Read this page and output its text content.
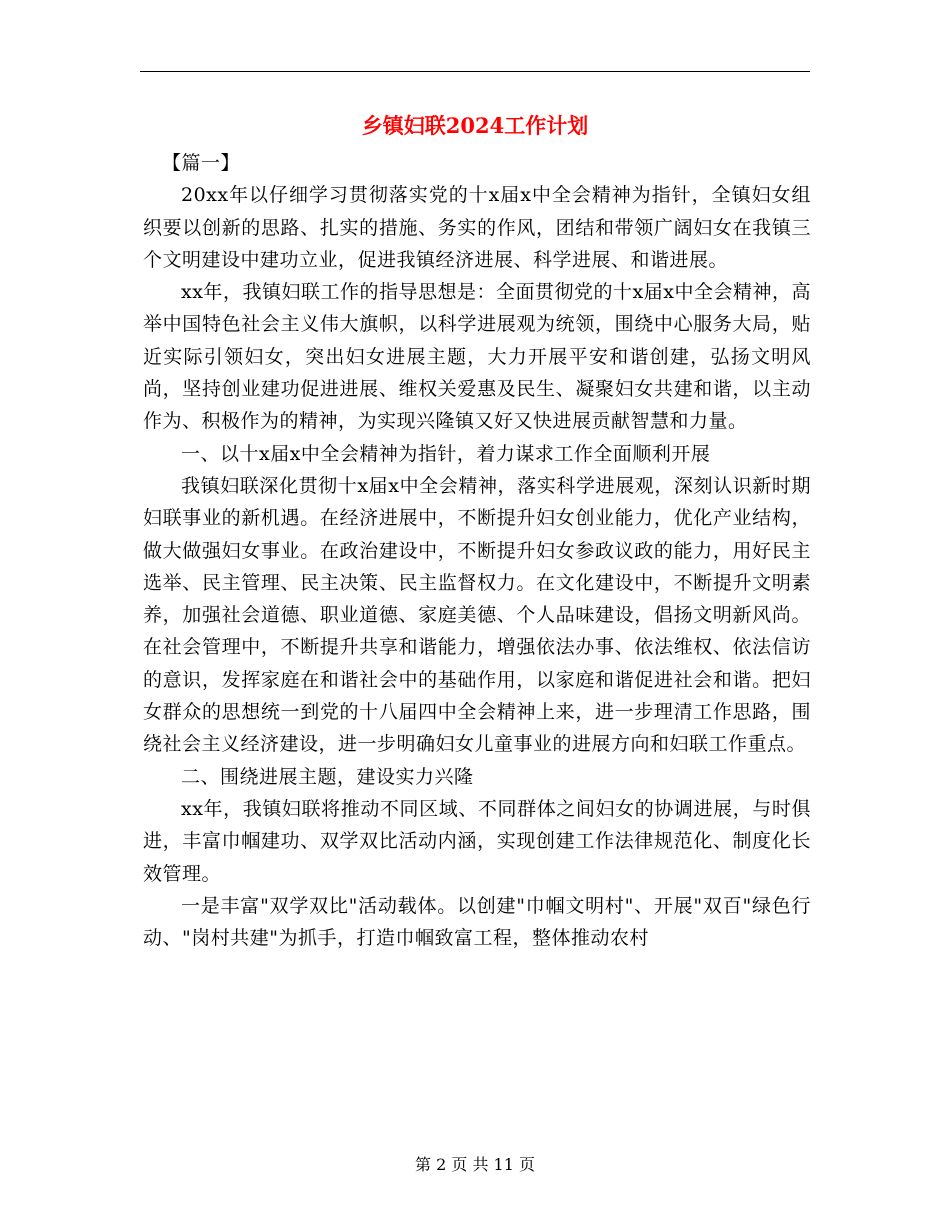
乡镇妇联2024工作计划

【篇一】

20xx年以仔细学习贯彻落实党的十x届x中全会精神为指针，全镇妇女组织要以创新的思路、扎实的措施、务实的作风，团结和带领广阔妇女在我镇三个文明建设中建功立业，促进我镇经济进展、科学进展、和谐进展。

xx年，我镇妇联工作的指导思想是：全面贯彻党的十x届x中全会精神，高举中国特色社会主义伟大旗帜，以科学进展观为统领，围绕中心服务大局，贴近实际引领妇女，突出妇女进展主题，大力开展平安和谐创建，弘扬文明风尚，坚持创业建功促进进展、维权关爱惠及民生、凝聚妇女共建和谐，以主动作为、积极作为的精神，为实现兴隆镇又好又快进展贡献智慧和力量。

一、以十x届x中全会精神为指针，着力谋求工作全面顺利开展

我镇妇联深化贯彻十x届x中全会精神，落实科学进展观，深刻认识新时期妇联事业的新机遇。在经济进展中，不断提升妇女创业能力，优化产业结构，做大做强妇女事业。在政治建设中，不断提升妇女参政议政的能力，用好民主选举、民主管理、民主决策、民主监督权力。在文化建设中，不断提升文明素养，加强社会道德、职业道德、家庭美德、个人品味建设，倡扬文明新风尚。在社会管理中，不断提升共享和谐能力，增强依法办事、依法维权、依法信访的意识，发挥家庭在和谐社会中的基础作用，以家庭和谐促进社会和谐。把妇女群众的思想统一到党的十八届四中全会精神上来，进一步理清工作思路，围绕社会主义经济建设，进一步明确妇女儿童事业的进展方向和妇联工作重点。

二、围绕进展主题，建设实力兴隆

xx年，我镇妇联将推动不同区域、不同群体之间妇女的协调进展，与时俱进，丰富巾帼建功、双学双比活动内涵，实现创建工作法律规范化、制度化长效管理。

一是丰富"双学双比"活动载体。以创建"巾帼文明村"、开展"双百"绿色行动、"岗村共建"为抓手，打造巾帼致富工程，整体推动农村

第 2 页 共 11 页
